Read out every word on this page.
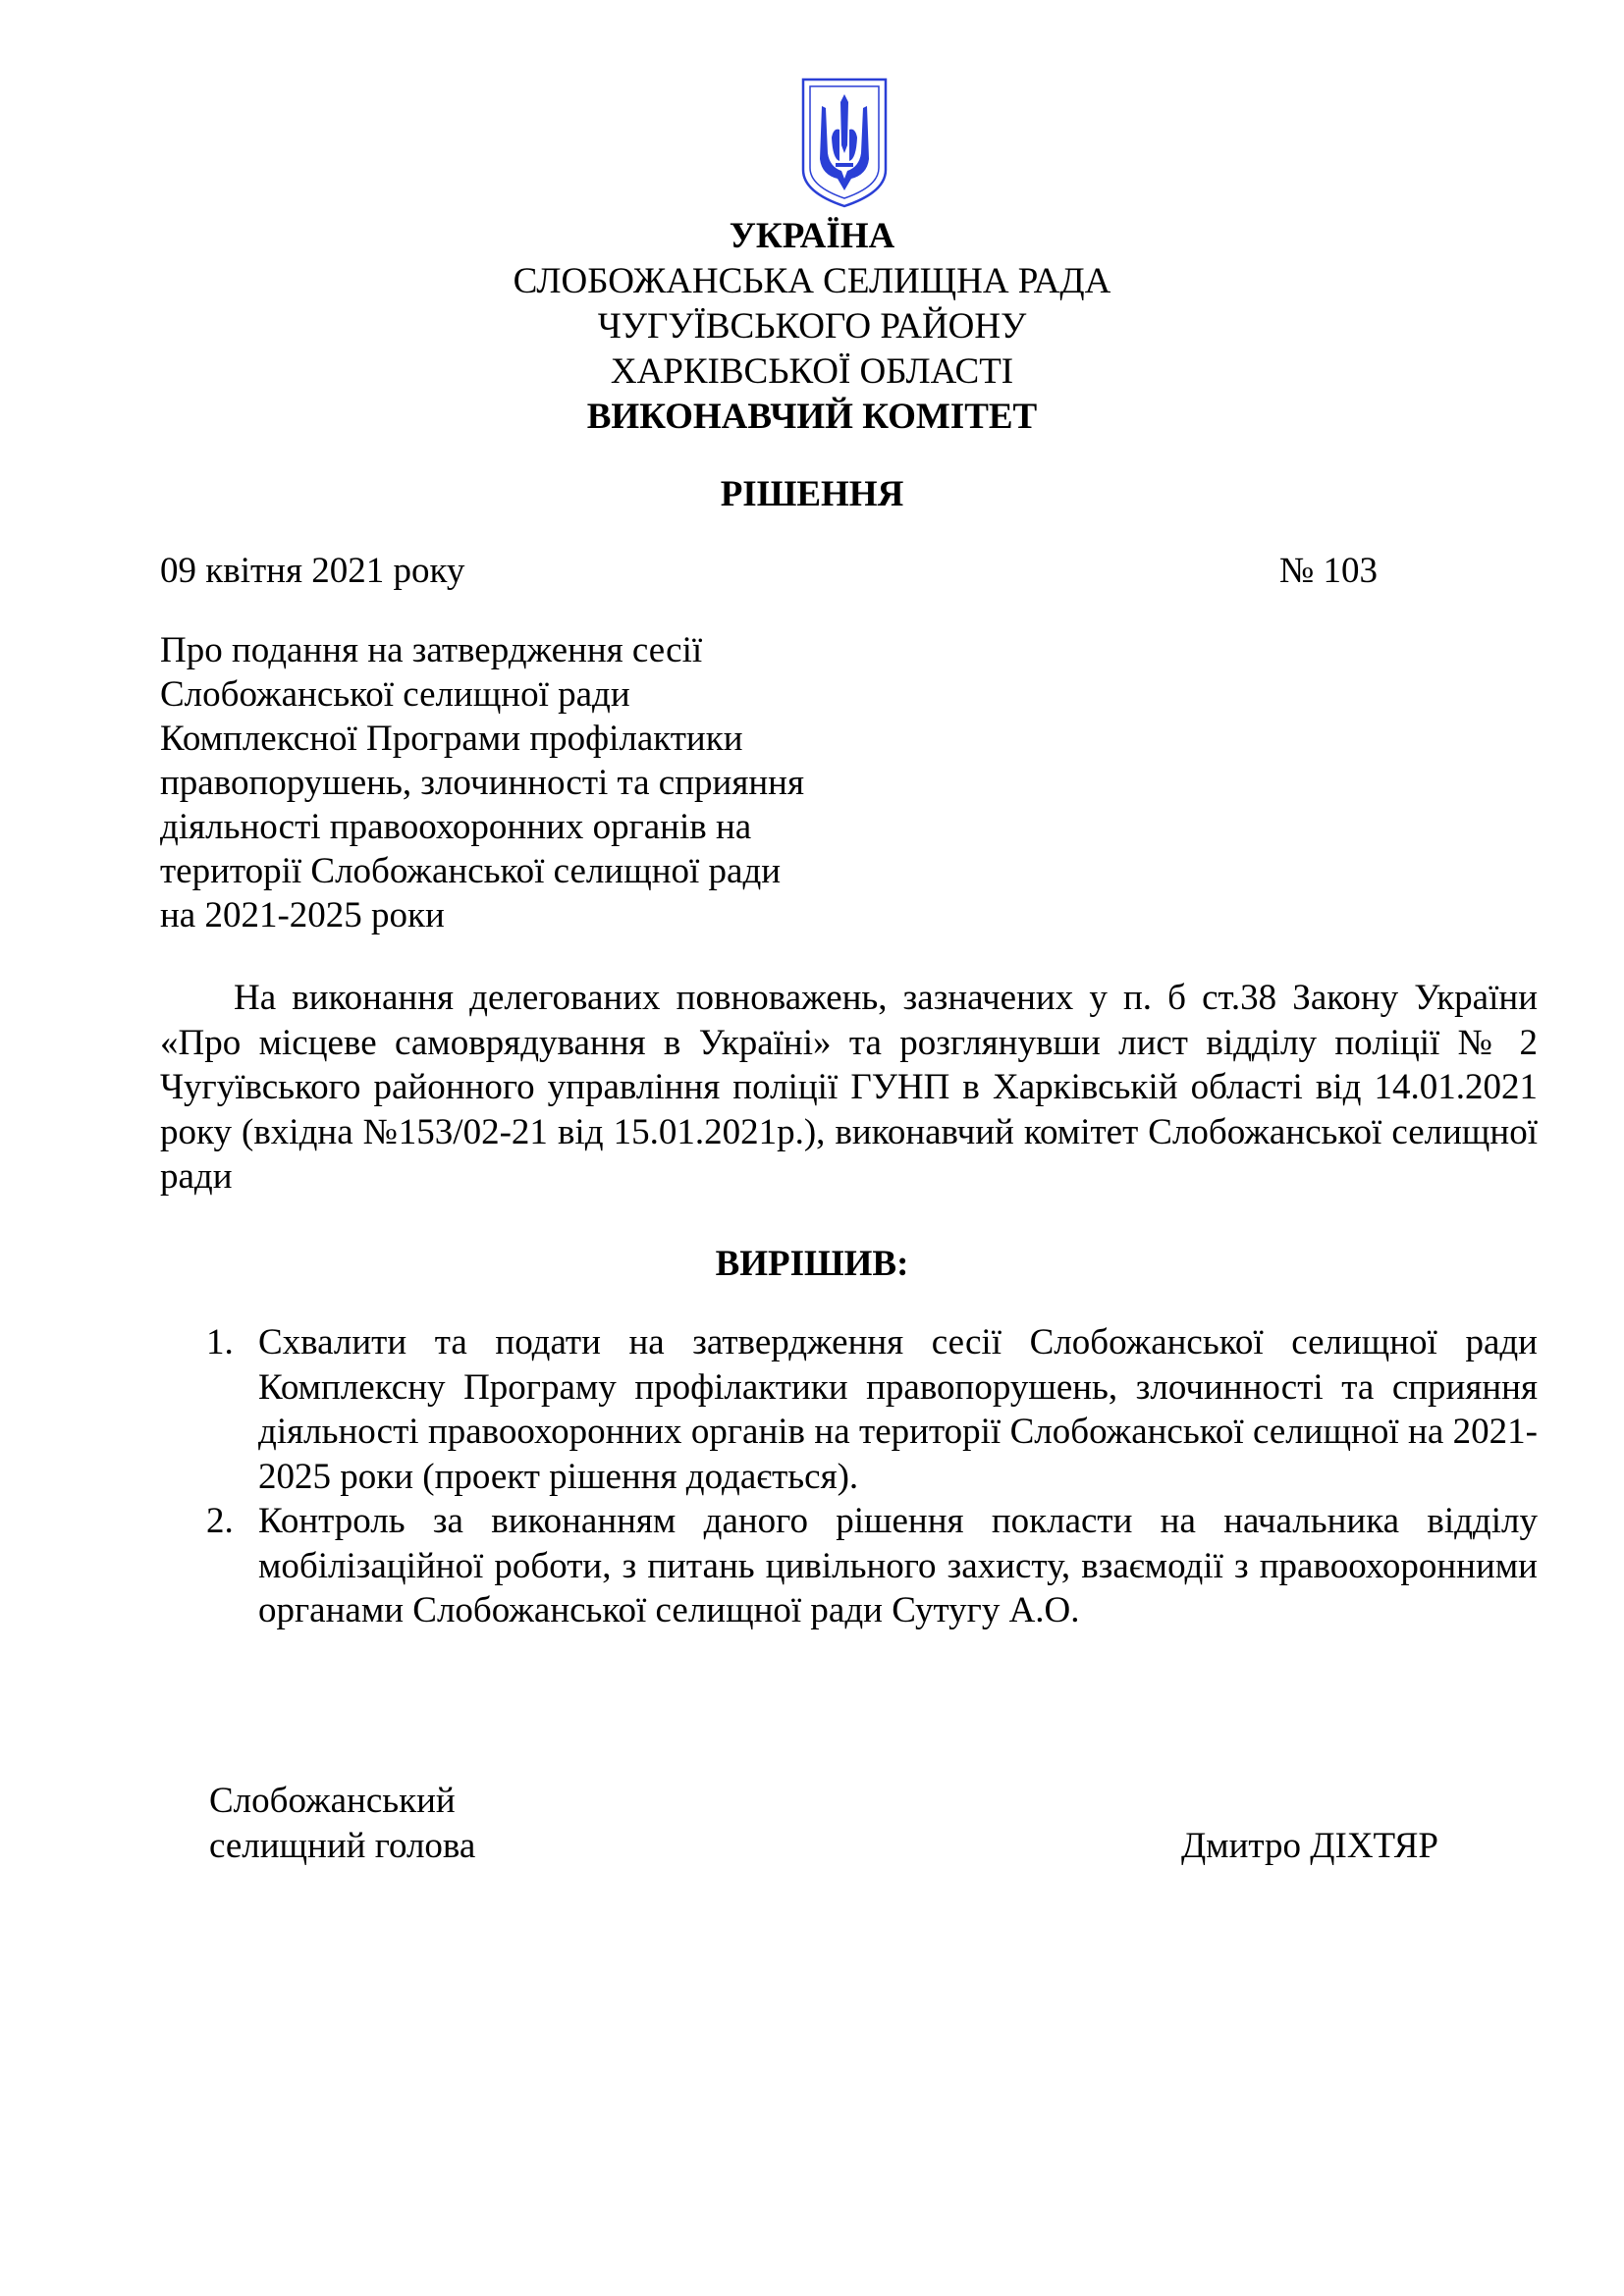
УКРАЇНА
СЛОБОЖАНСЬКА СЕЛИЩНА РАДА
ЧУГУЇВСЬКОГО РАЙОНУ
ХАРКІВСЬКОЇ ОБЛАСТІ
ВИКОНАВЧИЙ КОМІТЕТ
РІШЕННЯ
09 квітня 2021 року	№ 103
Про подання на затвердження сесії
Слобожанської селищної ради
Комплексної Програми профілактики
правопорушень, злочинності та сприяння
діяльності правоохоронних органів на
території Слобожанської селищної ради
на 2021-2025 роки

На виконання делегованих повноважень, зазначених у п. б ст.38 Закону України «Про місцеве самоврядування в Україні» та розглянувши лист відділу поліції № 2 Чугуївського районного управління поліції ГУНП в Харківській області від 14.01.2021 року (вхідна №153/02-21 від 15.01.2021р.), виконавчий комітет Слобожанської селищної ради

ВИРІШИВ:
1. Схвалити та подати на затвердження сесії Слобожанської селищної ради Комплексну Програму профілактики правопорушень, злочинності та сприяння діяльності правоохоронних органів на території Слобожанської селищної на 2021-2025 роки (проект рішення додається).
2. Контроль за виконанням даного рішення покласти на начальника відділу мобілізаційної роботи, з питань цивільного захисту, взаємодії з правоохоронними органами Слобожанської селищної ради Сутугу А.О.
Слобожанський
селищний голова	Дмитро ДІХТЯР
